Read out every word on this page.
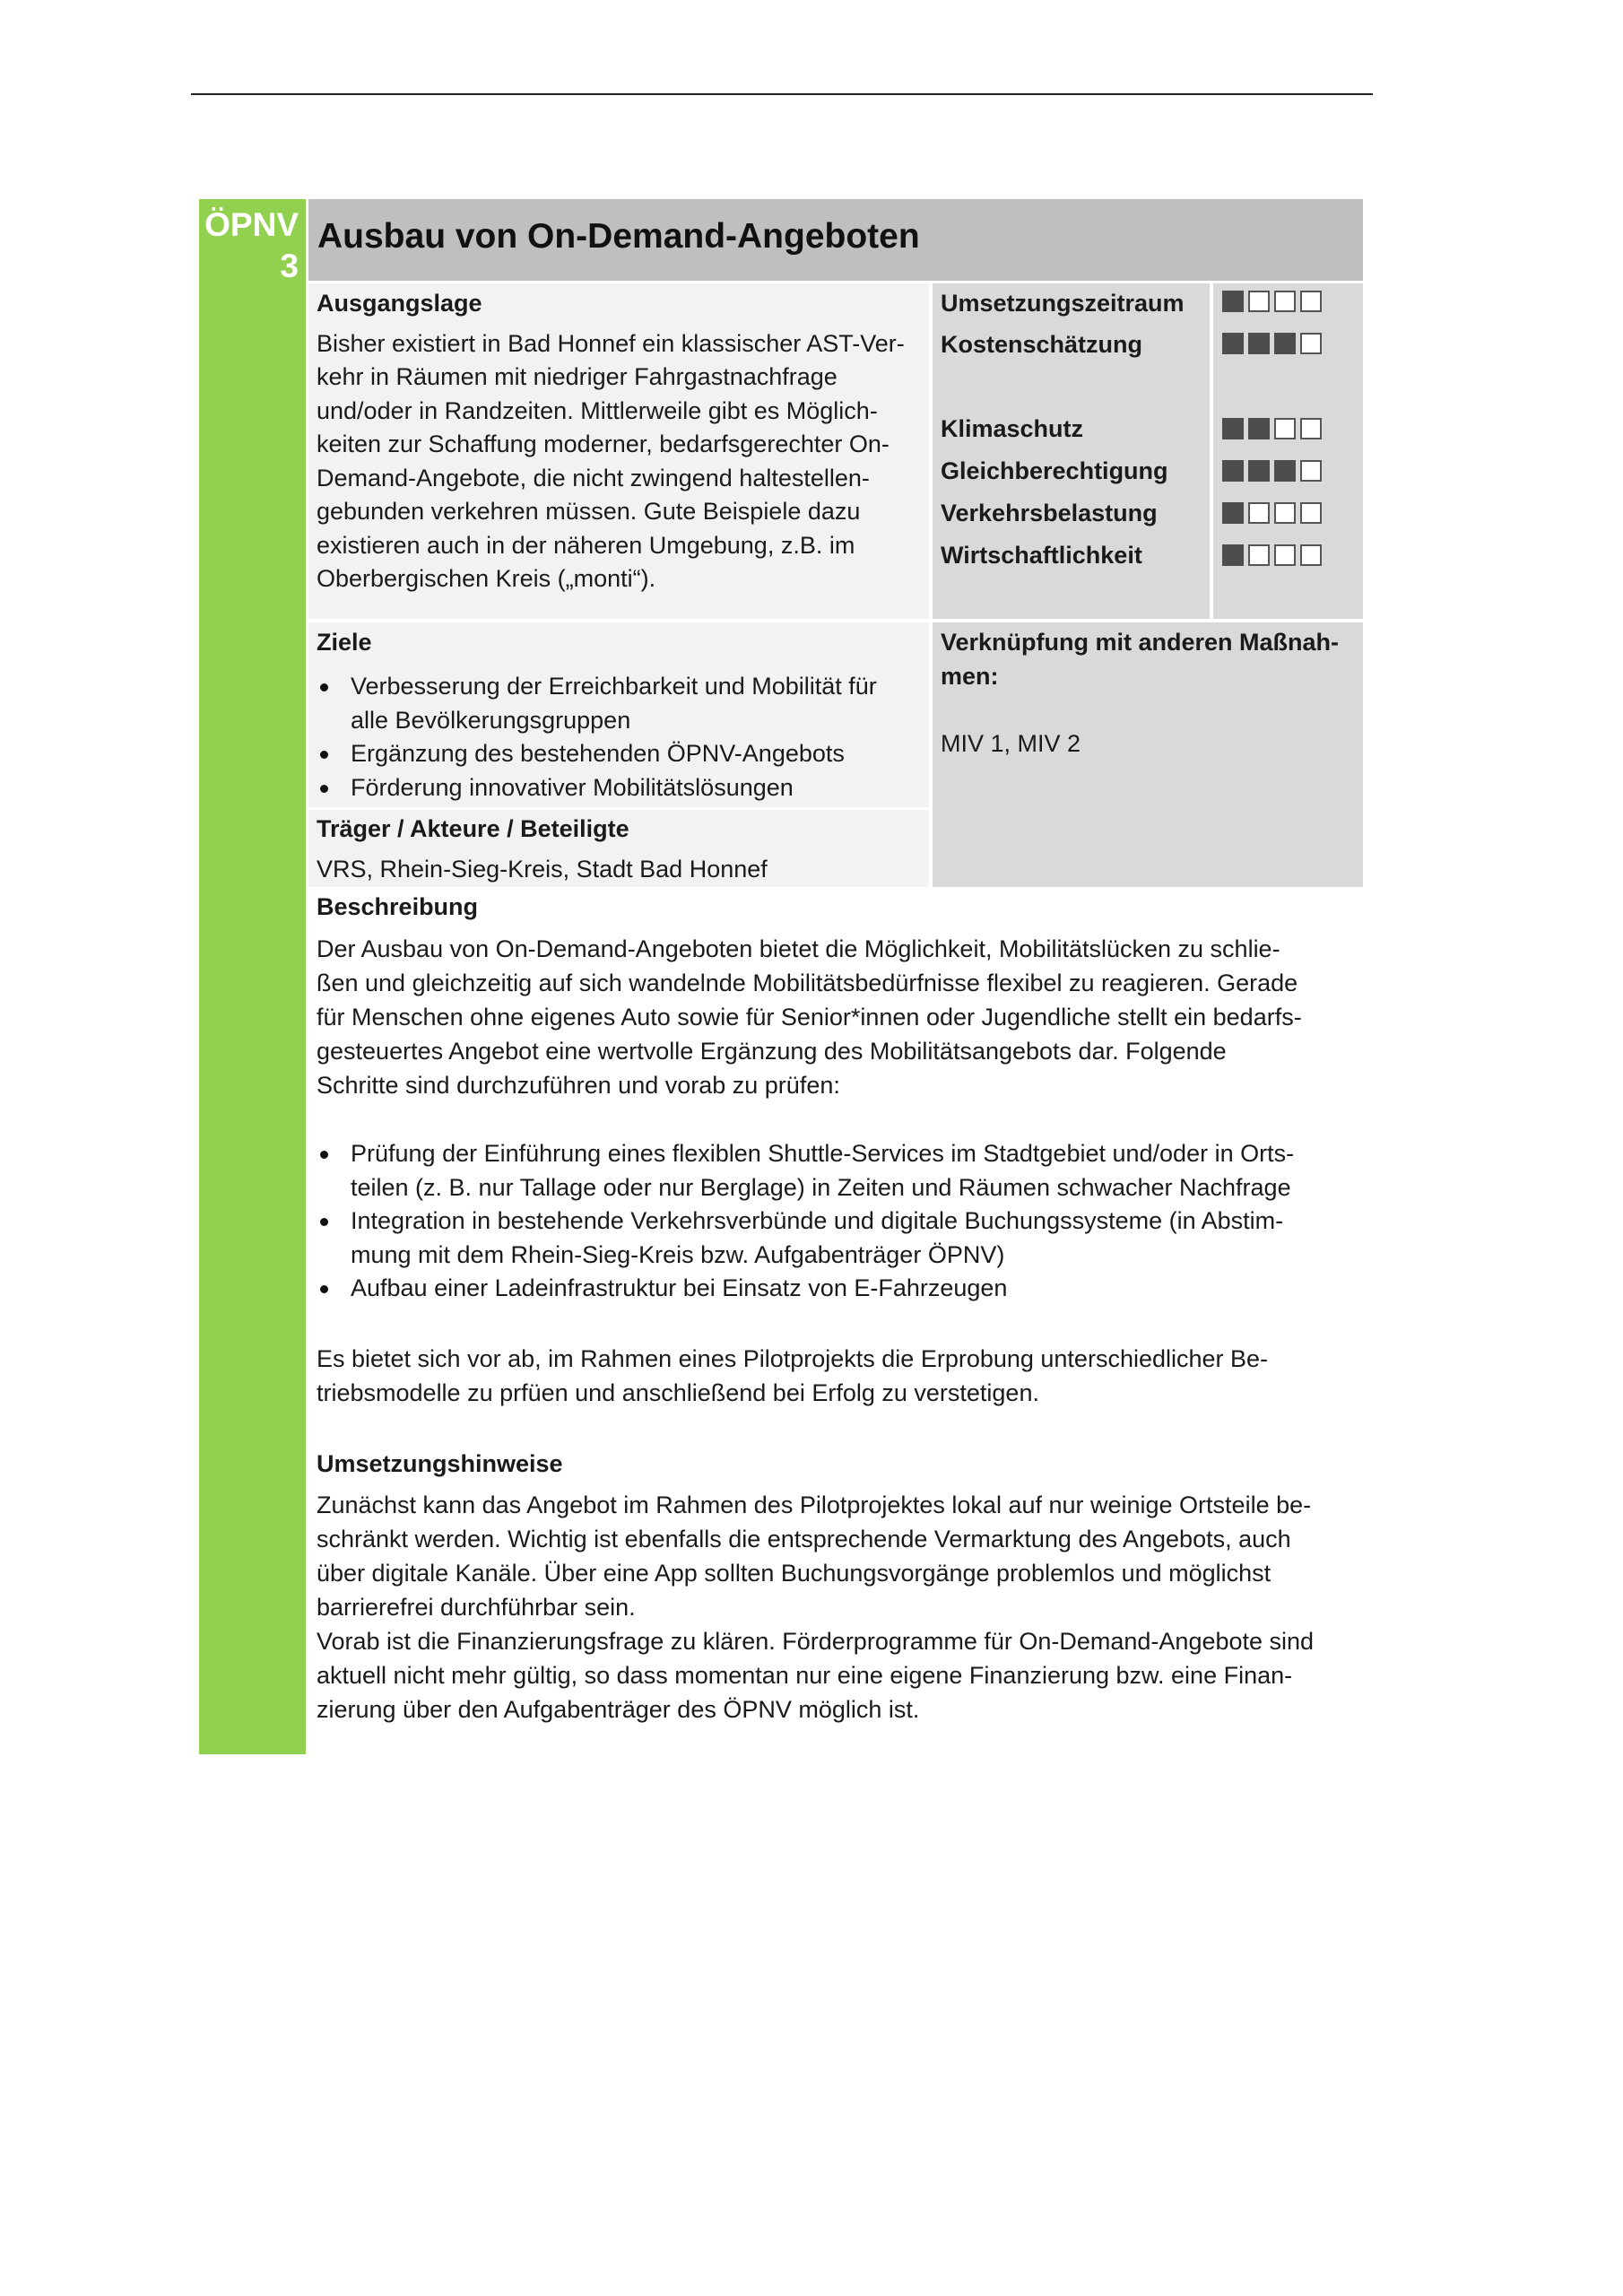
ÖPNV
3
Ausbau von On-Demand-Angeboten
Ausgangslage
Bisher existiert in Bad Honnef ein klassischer AST-Ver-
kehr in Räumen mit niedriger Fahrgastnachfrage
und/oder in Randzeiten. Mittlerweile gibt es Möglich-
keiten zur Schaffung moderner, bedarfsgerechter On-
Demand-Angebote, die nicht zwingend haltestellen-
gebunden verkehren müssen. Gute Beispiele dazu
existieren auch in der näheren Umgebung, z.B. im
Oberbergischen Kreis („monti“).
Umsetzungszeitraum
Kostenschätzung
Klimaschutz
Gleichberechtigung
Verkehrsbelastung
Wirtschaftlichkeit
Ziele
Verbesserung der Erreichbarkeit und Mobilität für
alle Bevölkerungsgruppen
Ergänzung des bestehenden ÖPNV-Angebots
Förderung innovativer Mobilitätslösungen
Träger / Akteure / Beteiligte
VRS, Rhein-Sieg-Kreis, Stadt Bad Honnef
Verknüpfung mit anderen Maßnah-
men:
MIV 1, MIV 2
Beschreibung
Der Ausbau von On-Demand-Angeboten bietet die Möglichkeit, Mobilitätslücken zu schlie-
ßen und gleichzeitig auf sich wandelnde Mobilitätsbedürfnisse flexibel zu reagieren. Gerade
für Menschen ohne eigenes Auto sowie für Senior*innen oder Jugendliche stellt ein bedarfs-
gesteuertes Angebot eine wertvolle Ergänzung des Mobilitätsangebots dar. Folgende
Schritte sind durchzuführen und vorab zu prüfen:
Prüfung der Einführung eines flexiblen Shuttle-Services im Stadtgebiet und/oder in Orts-
teilen (z. B. nur Tallage oder nur Berglage) in Zeiten und Räumen schwacher Nachfrage
Integration in bestehende Verkehrsverbünde und digitale Buchungssysteme (in Abstim-
mung mit dem Rhein-Sieg-Kreis bzw. Aufgabenträger ÖPNV)
Aufbau einer Ladeinfrastruktur bei Einsatz von E-Fahrzeugen
Es bietet sich vor ab, im Rahmen eines Pilotprojekts die Erprobung unterschiedlicher Be-
triebsmodelle zu prfüen und anschließend bei Erfolg zu verstetigen.
Umsetzungshinweise
Zunächst kann das Angebot im Rahmen des Pilotprojektes lokal auf nur weinige Ortsteile be-
schränkt werden. Wichtig ist ebenfalls die entsprechende Vermarktung des Angebots, auch
über digitale Kanäle. Über eine App sollten Buchungsvorgänge problemlos und möglichst
barrierefrei durchführbar sein.
Vorab ist die Finanzierungsfrage zu klären. Förderprogramme für On-Demand-Angebote sind
aktuell nicht mehr gültig, so dass momentan nur eine eigene Finanzierung bzw. eine Finan-
zierung über den Aufgabenträger des ÖPNV möglich ist.
